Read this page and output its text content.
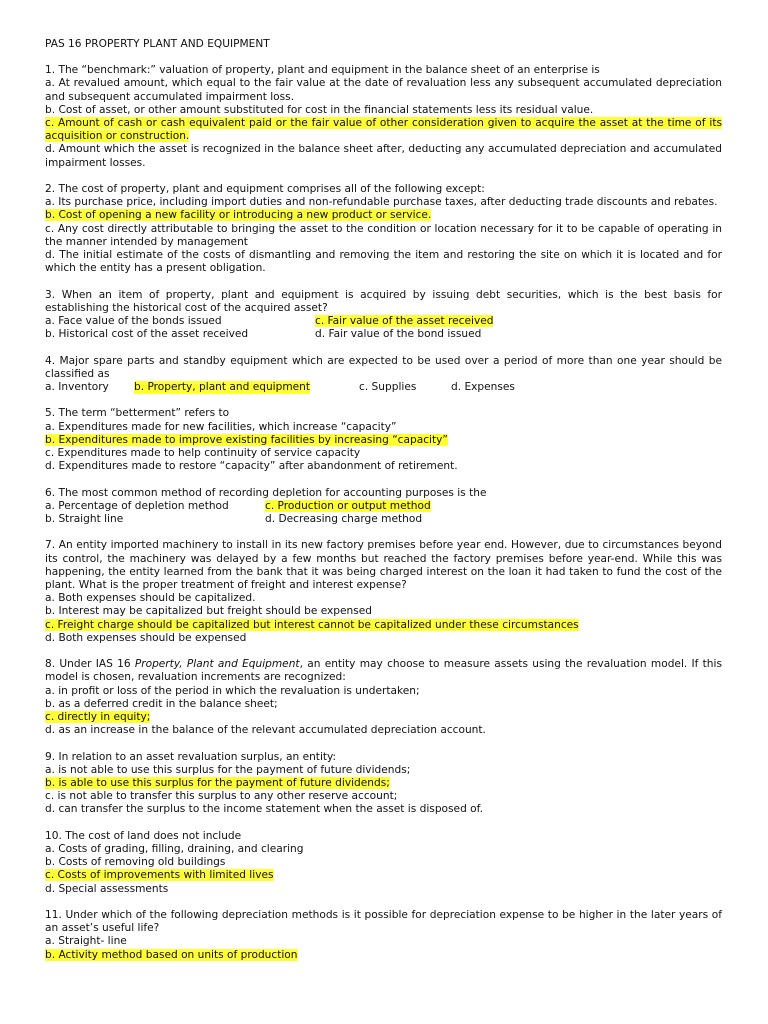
PAS 16 PROPERTY PLANT AND EQUIPMENT

1. The “benchmark:” valuation of property, plant and equipment in the balance sheet of an enterprise is

a. At revalued amount, which equal to the fair value at the date of revaluation less any subsequent accumulated depreciation and subsequent accumulated impairment loss.

b. Cost of asset, or other amount substituted for cost in the financial statements less its residual value.

c. Amount of cash or cash equivalent paid or the fair value of other consideration given to acquire the asset at the time of its acquisition or construction.

d. Amount which the asset is recognized in the balance sheet after, deducting any accumulated depreciation and accumulated impairment losses.

2. The cost of property, plant and equipment comprises all of the following except:

a. Its purchase price, including import duties and non-refundable purchase taxes, after deducting trade discounts and rebates.

b. Cost of opening a new facility or introducing a new product or service.

c. Any cost directly attributable to bringing the asset to the condition or location necessary for it to be capable of operating in the manner intended by management

d. The initial estimate of the costs of dismantling and removing the item and restoring the site on which it is located and for which the entity has a present obligation.

3. When an item of property, plant and equipment is acquired by issuing debt securities, which is the best basis for establishing the historical cost of the acquired asset?

a. Face value of the bonds issued	c. Fair value of the asset received
b. Historical cost of the asset received	d. Fair value of the bond issued

4. Major spare parts and standby equipment which are expected to be used over a period of more than one year should be classified as

a. Inventory	b. Property, plant and equipment	c. Supplies	d. Expenses

5. The term “betterment” refers to

a. Expenditures made for new facilities, which increase “capacity”

b. Expenditures made to improve existing facilities by increasing “capacity”

c. Expenditures made to help continuity of service capacity

d. Expenditures made to restore “capacity” after abandonment of retirement.

6. The most common method of recording depletion for accounting purposes is the

a. Percentage of depletion method	c. Production or output method
b. Straight line	d. Decreasing charge method

7. An entity imported machinery to install in its new factory premises before year end. However, due to circumstances beyond its control, the machinery was delayed by a few months but reached the factory premises before year-end. While this was happening, the entity learned from the bank that it was being charged interest on the loan it had taken to fund the cost of the plant. What is the proper treatment of freight and interest expense?

a. Both expenses should be capitalized.

b. Interest may be capitalized but freight should be expensed

c. Freight charge should be capitalized but interest cannot be capitalized under these circumstances

d. Both expenses should be expensed

8. Under IAS 16 Property, Plant and Equipment, an entity may choose to measure assets using the revaluation model. If this model is chosen, revaluation increments are recognized:

a. in profit or loss of the period in which the revaluation is undertaken;

b. as a deferred credit in the balance sheet;

c. directly in equity;

d. as an increase in the balance of the relevant accumulated depreciation account.

9. In relation to an asset revaluation surplus, an entity:

a. is not able to use this surplus for the payment of future dividends;

b. is able to use this surplus for the payment of future dividends;

c. is not able to transfer this surplus to any other reserve account;

d. can transfer the surplus to the income statement when the asset is disposed of.

10. The cost of land does not include

a. Costs of grading, filling, draining, and clearing

b. Costs of removing old buildings

c. Costs of improvements with limited lives

d. Special assessments

11. Under which of the following depreciation methods is it possible for depreciation expense to be higher in the later years of an asset’s useful life?

a. Straight- line

b. Activity method based on units of production
